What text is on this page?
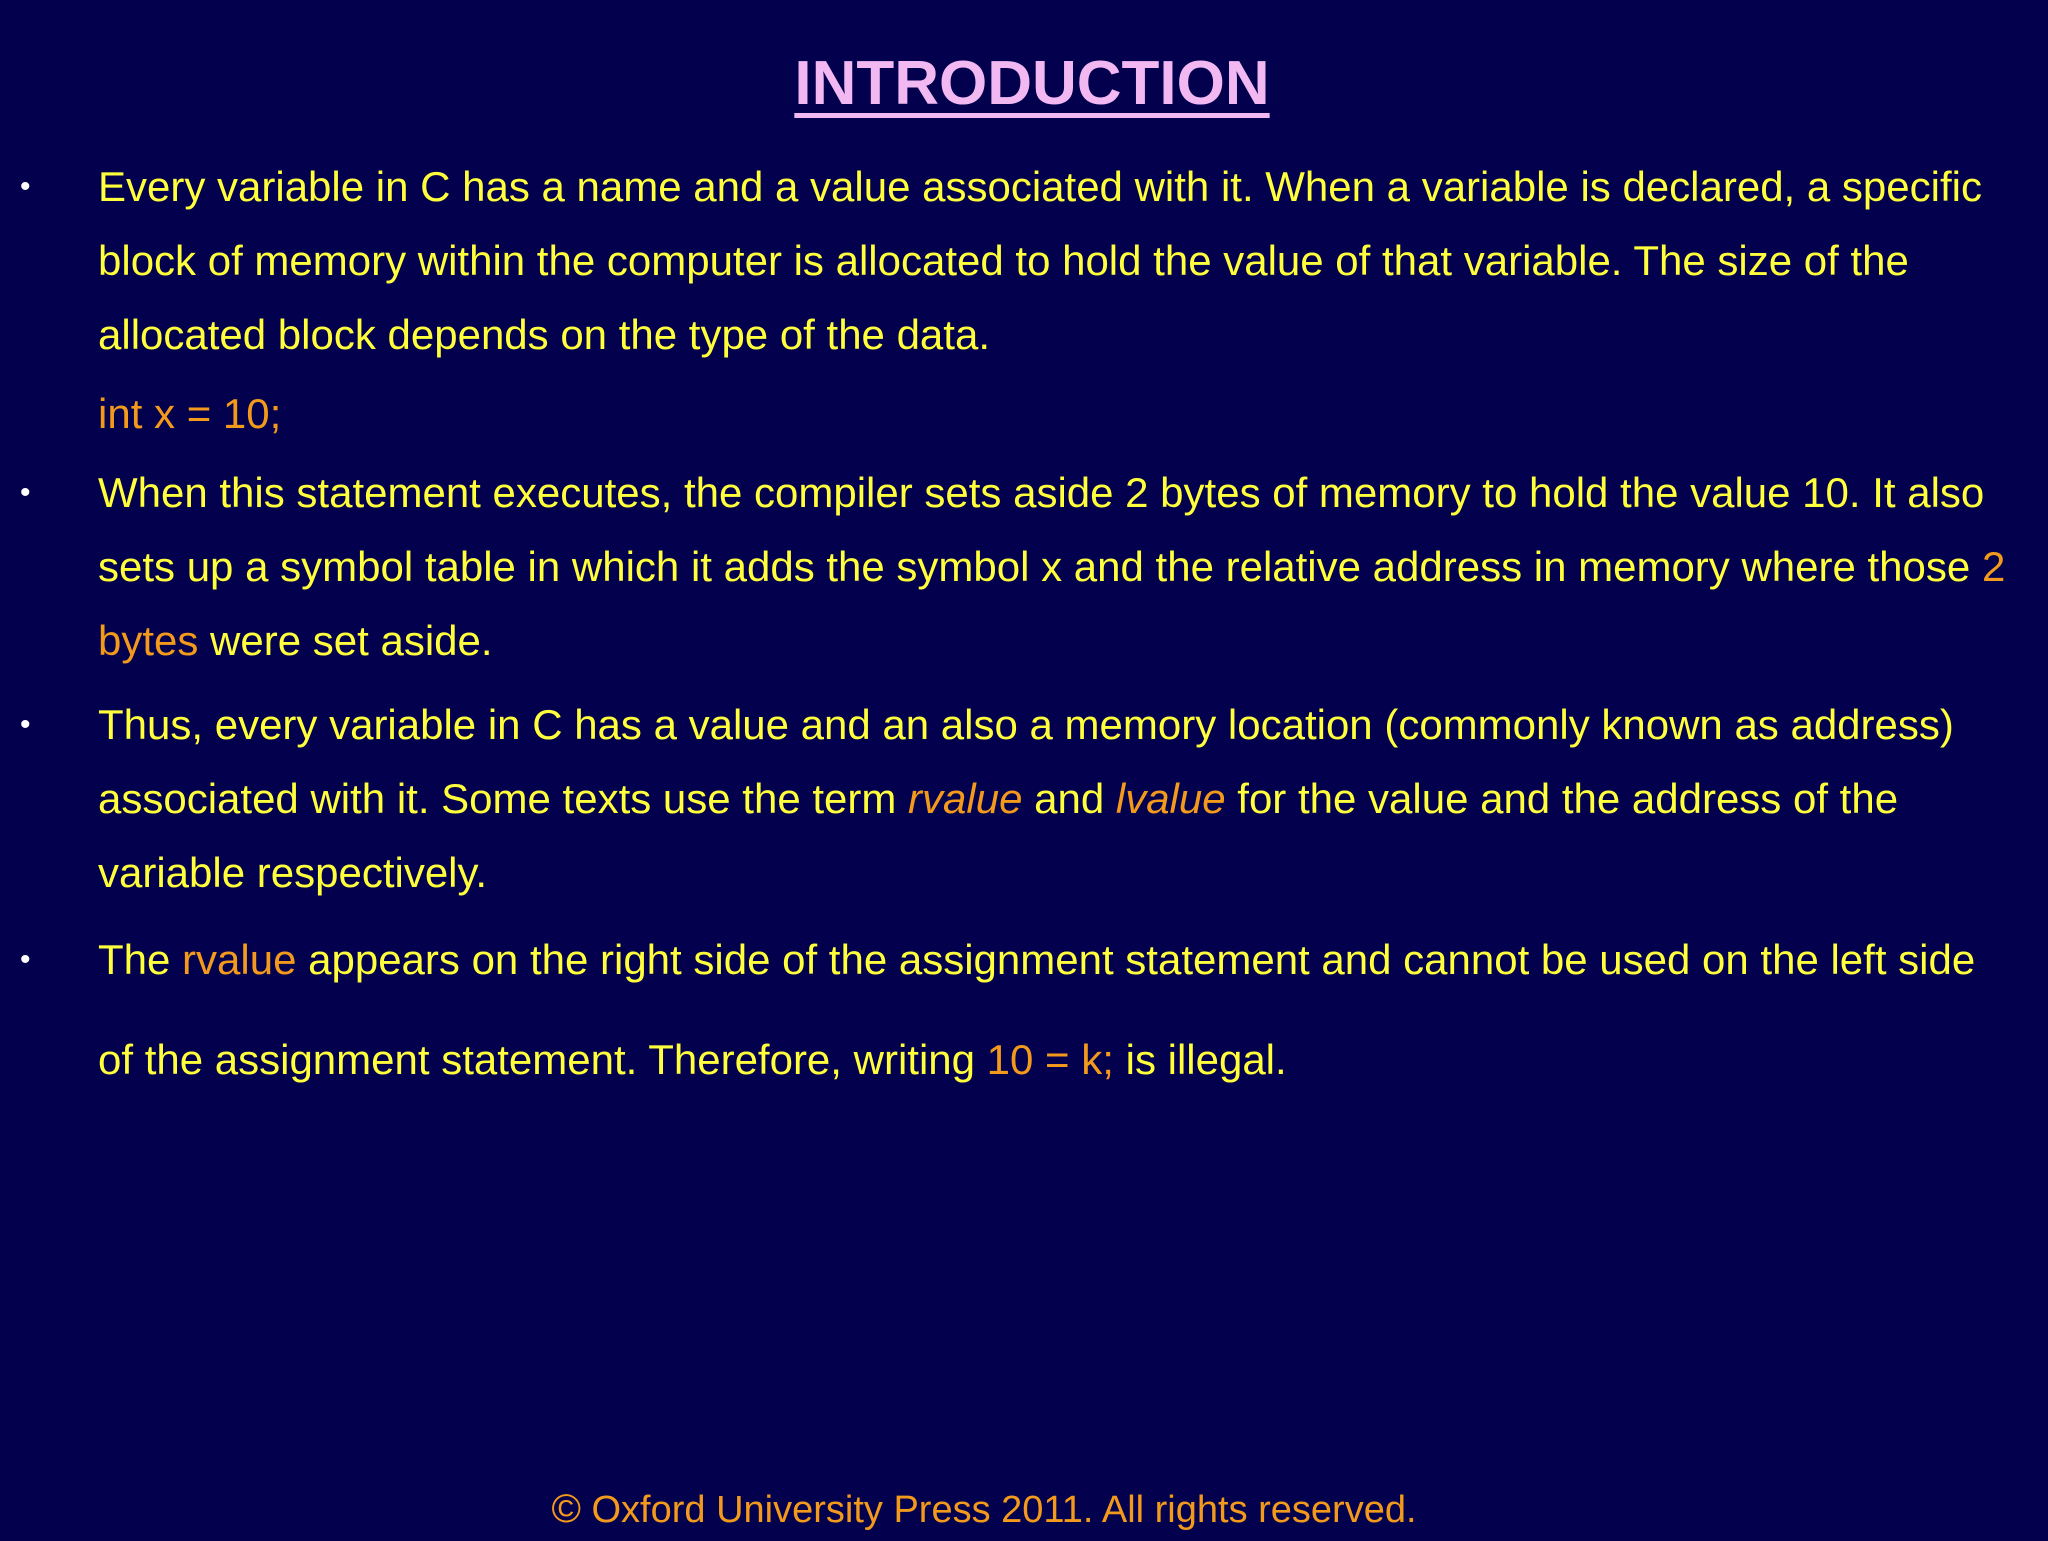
INTRODUCTION
• Every variable in C has a name and a value associated with it. When a variable is declared, a specific block of memory within the computer is allocated to hold the value of that variable. The size of the allocated block depends on the type of the data.
int x = 10;
• When this statement executes, the compiler sets aside 2 bytes of memory to hold the value 10. It also sets up a symbol table in which it adds the symbol x and the relative address in memory where those 2 bytes were set aside.
• Thus, every variable in C has a value and an also a memory location (commonly known as address) associated with it. Some texts use the term rvalue and lvalue for the value and the address of the variable respectively.
• The rvalue appears on the right side of the assignment statement and cannot be used on the left side of the assignment statement. Therefore, writing 10 = k; is illegal.
© Oxford University Press 2011. All rights reserved.
